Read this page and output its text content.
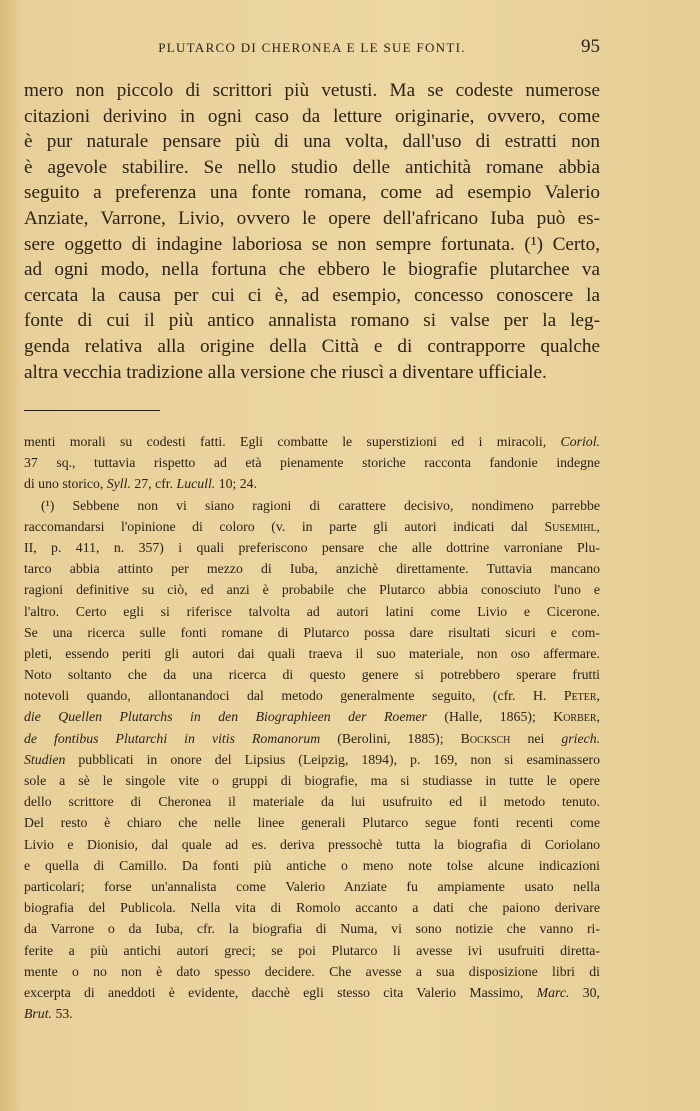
PLUTARCO DI CHERONEA E LE SUE FONTI.	95
mero non piccolo di scrittori più vetusti. Ma se codeste numerose
citazioni derivino in ogni caso da letture originarie, ovvero, come
è pur naturale pensare più di una volta, dall'uso di estratti non
è agevole stabilire. Se nello studio delle antichità romane abbia
seguito a preferenza una fonte romana, come ad esempio Valerio
Anziate, Varrone, Livio, ovvero le opere dell'africano Iuba può es-
sere oggetto di indagine laboriosa se non sempre fortunata. (¹) Certo,
ad ogni modo, nella fortuna che ebbero le biografie plutarchee va
cercata la causa per cui ci è, ad esempio, concesso conoscere la
fonte di cui il più antico annalista romano si valse per la leg-
genda relativa alla origine della Città e di contrapporre qualche
altra vecchia tradizione alla versione che riuscì a diventare ufficiale.
menti morali su codesti fatti. Egli combatte le superstizioni ed i miracoli, Coriol.
37 sq., tuttavia rispetto ad età pienamente storiche racconta fandonie indegne
di uno storico, Syll. 27, cfr. Lucull. 10; 24.
(¹) Sebbene non vi siano ragioni di carattere decisivo, nondimeno parrebbe
raccomandarsi l'opinione di coloro (v. in parte gli autori indicati dal Susemihl,
II, p. 411, n. 357) i quali preferiscono pensare che alle dottrine varroniane Plu-
tarco abbia attinto per mezzo di Iuba, anzichè direttamente. Tuttavia mancano
ragioni definitive su ciò, ed anzi è probabile che Plutarco abbia conosciuto l'uno e
l'altro. Certo egli si riferisce talvolta ad autori latini come Livio e Cicerone.
Se una ricerca sulle fonti romane di Plutarco possa dare risultati sicuri e com-
pleti, essendo periti gli autori dai quali traeva il suo materiale, non oso affermare.
Noto soltanto che da una ricerca di questo genere si potrebbero sperare frutti
notevoli quando, allontanandoci dal metodo generalmente seguito, (cfr. H. Peter,
die Quellen Plutarchs in den Biographieen der Roemer (Halle, 1865); Korber,
de fontibus Plutarchi in vitis Romanorum (Berolini, 1885); Bocksch nei griech.
Studien pubblicati in onore del Lipsius (Leipzig, 1894), p. 169, non si esaminassero
sole a sè le singole vite o gruppi di biografie, ma si studiasse in tutte le opere
dello scrittore di Cheronea il materiale da lui usufruito ed il metodo tenuto.
Del resto è chiaro che nelle linee generali Plutarco segue fonti recenti come
Livio e Dionisio, dal quale ad es. deriva pressochè tutta la biografia di Coriolano
e quella di Camillo. Da fonti più antiche o meno note tolse alcune indicazioni
particolari; forse un'annalista come Valerio Anziate fu ampiamente usato nella
biografia del Publicola. Nella vita di Romolo accanto a dati che paiono derivare
da Varrone o da Iuba, cfr. la biografia di Numa, vi sono notizie che vanno ri-
ferite a più antichi autori greci; se poi Plutarco li avesse ivi usufruiti diretta-
mente o no non è dato spesso decidere. Che avesse a sua disposizione libri di
excerpta di aneddoti è evidente, dacchè egli stesso cita Valerio Massimo, Marc. 30,
Brut. 53.
